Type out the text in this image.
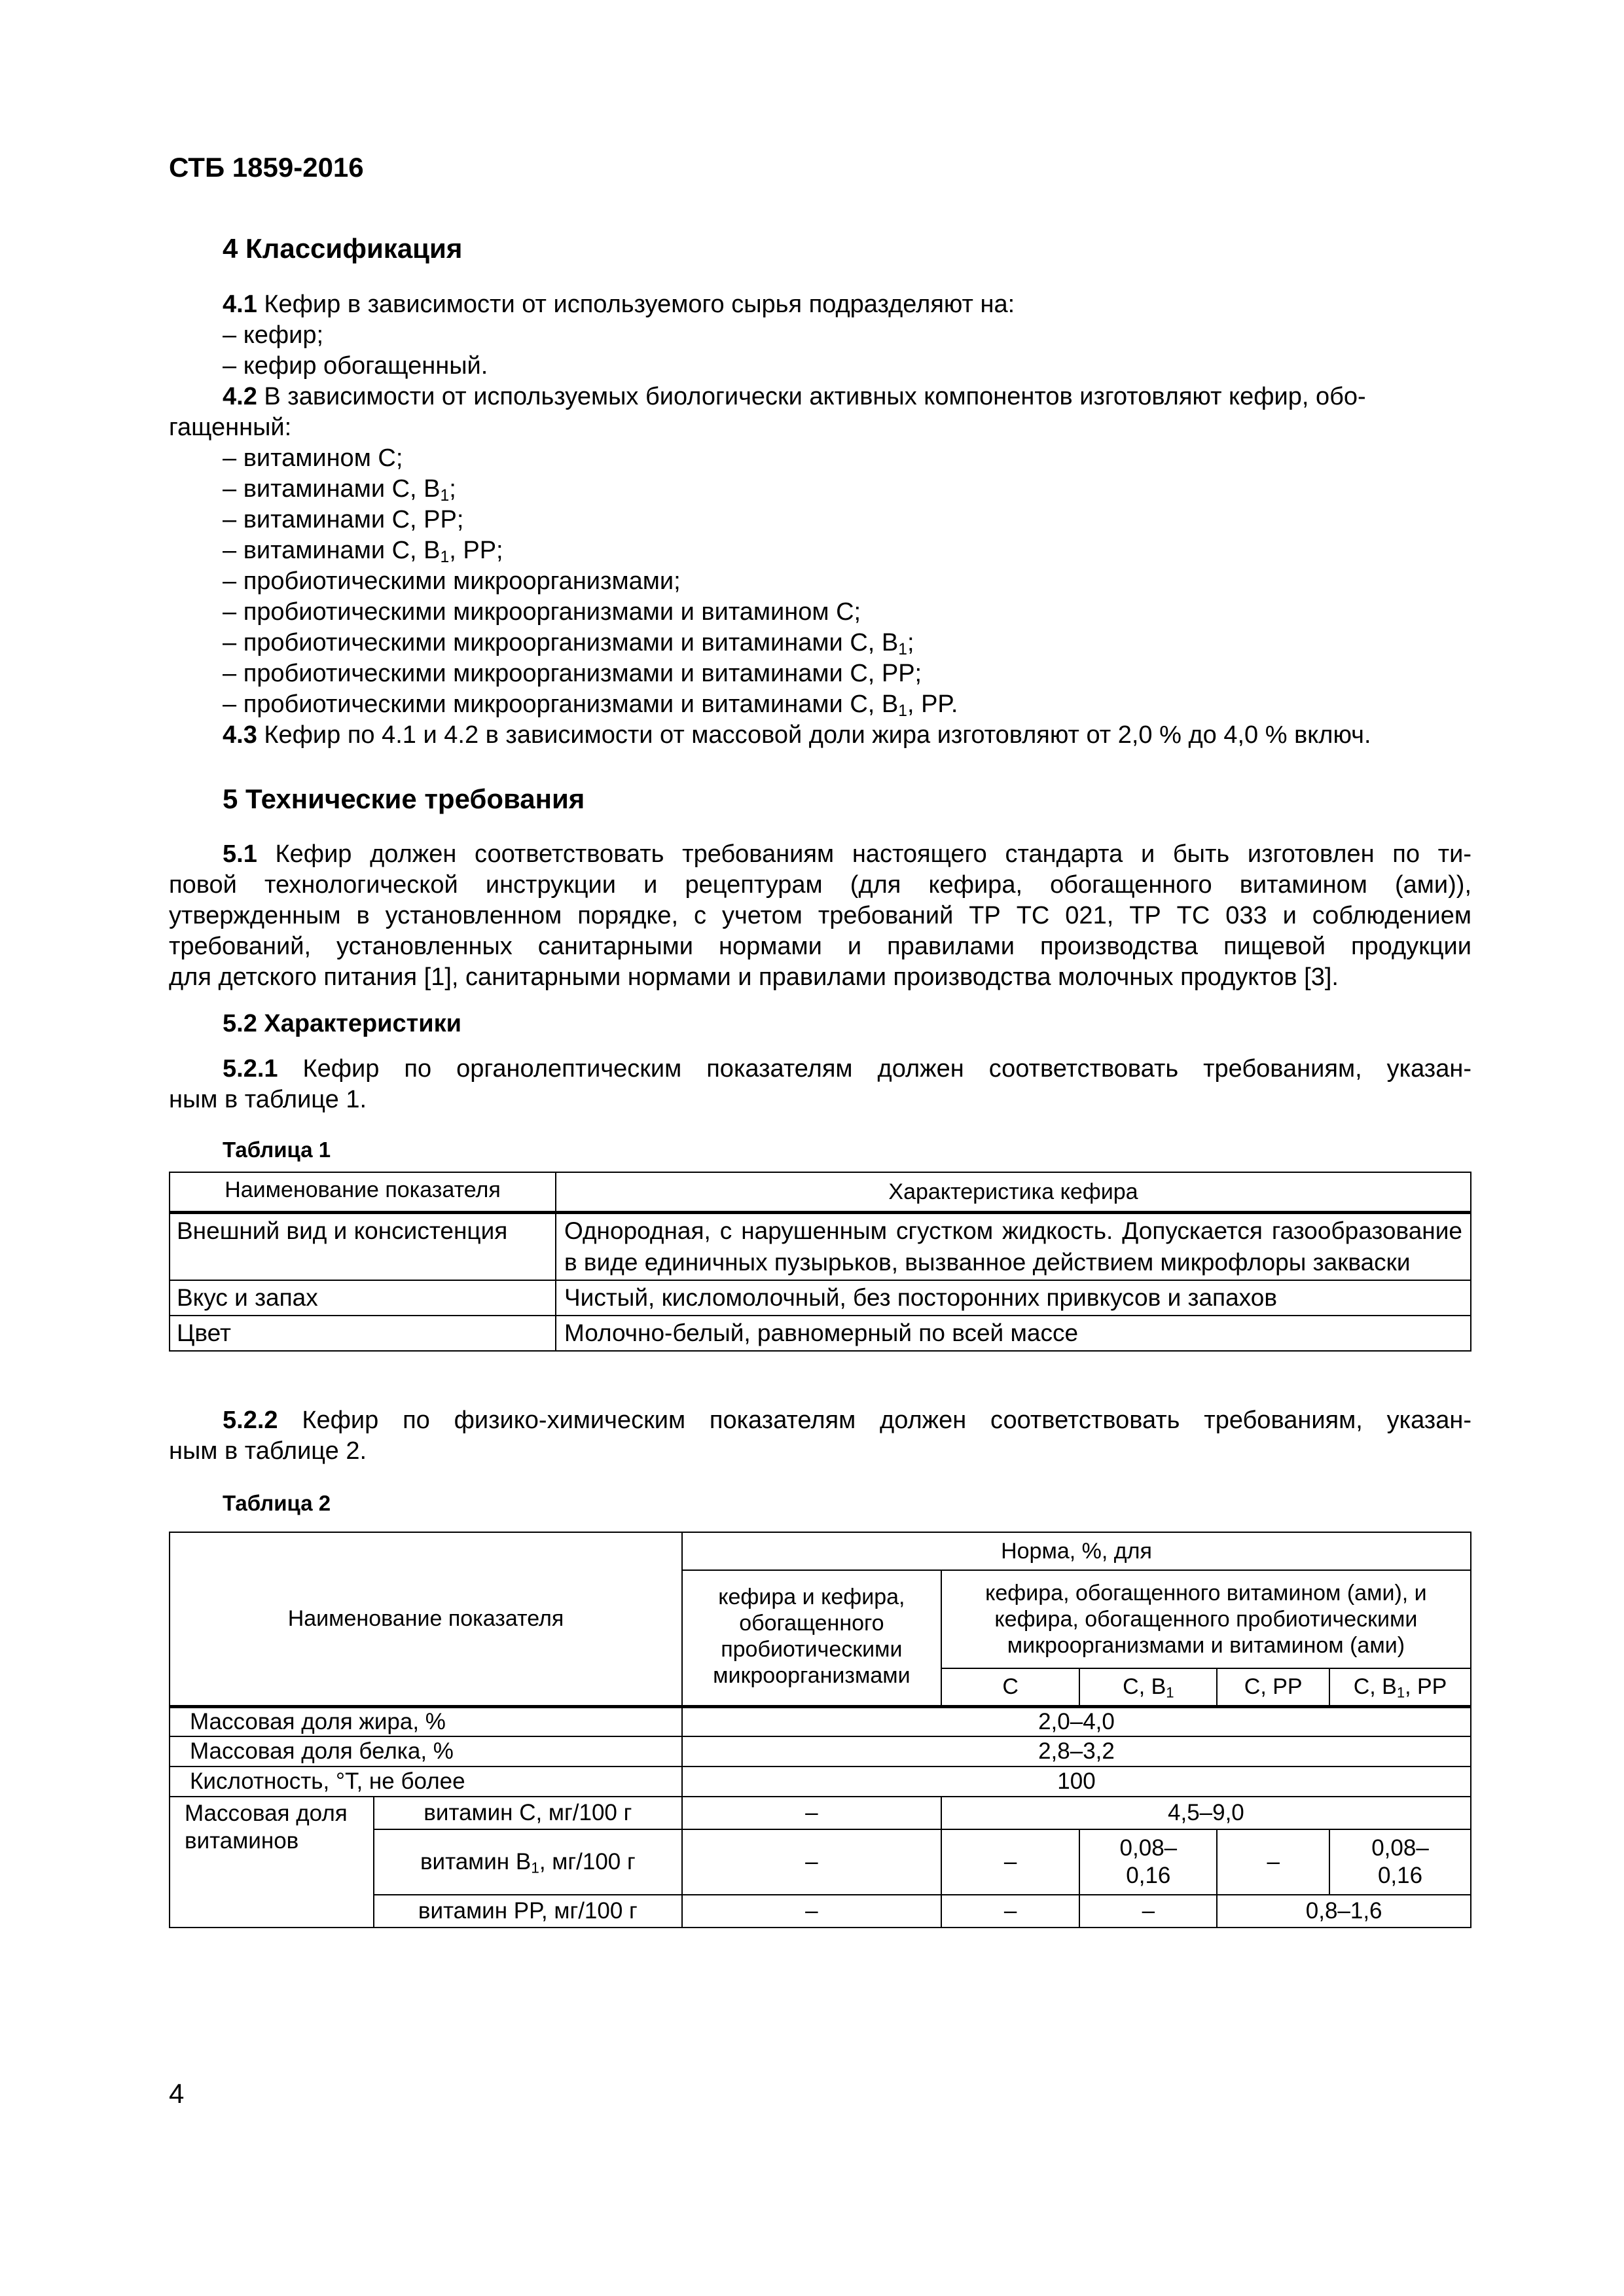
СТБ 1859-2016
4 Классификация
4.1 Кефир в зависимости от используемого сырья подразделяют на:
– кефир;
– кефир обогащенный.
4.2 В зависимости от используемых биологически активных компонентов изготовляют кефир, обо-
гащенный:
– витамином С;
– витаминами С, $B_1$;
– витаминами С, PP;
– витаминами С, $B_1$, PP;
– пробиотическими микроорганизмами;
– пробиотическими микроорганизмами и витамином С;
– пробиотическими микроорганизмами и витаминами С, $B_1$;
– пробиотическими микроорганизмами и витаминами С, PP;
– пробиотическими микроорганизмами и витаминами С, $B_1$, PP.
4.3 Кефир по 4.1 и 4.2 в зависимости от массовой доли жира изготовляют от 2,0 % до 4,0 % включ.
5 Технические требования
5.1 Кефир должен соответствовать требованиям настоящего стандарта и быть изготовлен по ти-
повой технологической инструкции и рецептурам (для кефира, обогащенного витамином (ами)),
утвержденным в установленном порядке, с учетом требований ТР ТС 021, ТР ТС 033 и соблюдением
требований, установленных санитарными нормами и правилами производства пищевой продукции
для детского питания [1], санитарными нормами и правилами производства молочных продуктов [3].
5.2 Характеристики
5.2.1 Кефир по органолептическим показателям должен соответствовать требованиям, указан-
ным в таблице 1.
Таблица 1
Наименование показателя	Характеристика кефира
Внешний вид и консистенция	Однородная, с нарушенным сгустком жидкость. Допускается газообразование в виде единичных пузырьков, вызванное действием микрофлоры закваски
Вкус и запах	Чистый, кисломолочный, без посторонних привкусов и запахов
Цвет	Молочно-белый, равномерный по всей массе
5.2.2 Кефир по физико-химическим показателям должен соответствовать требованиям, указан-
ным в таблице 2.
Таблица 2
Наименование показателя		Норма, %, для				
		кефира и кефира, обогащенного пробиотическими микроорганизмами	кефира, обогащенного витамином (ами), и кефира, обогащенного пробиотическими микроорганизмами и витамином (ами)			
			С	С, $B_1$	С, PP	С, $B_1$, PP
Массовая доля жира, %		2,0–4,0				
Массовая доля белка, %		2,8–3,2				
Кислотность, °Т, не более		100				
Массовая доля витаминов	витамин С, мг/100 г	–	4,5–9,0			
	витамин $B_1$, мг/100 г	–	–	0,08–0,16	–	0,08–0,16
	витамин PP, мг/100 г	–	–	–	0,8–1,6	
4
